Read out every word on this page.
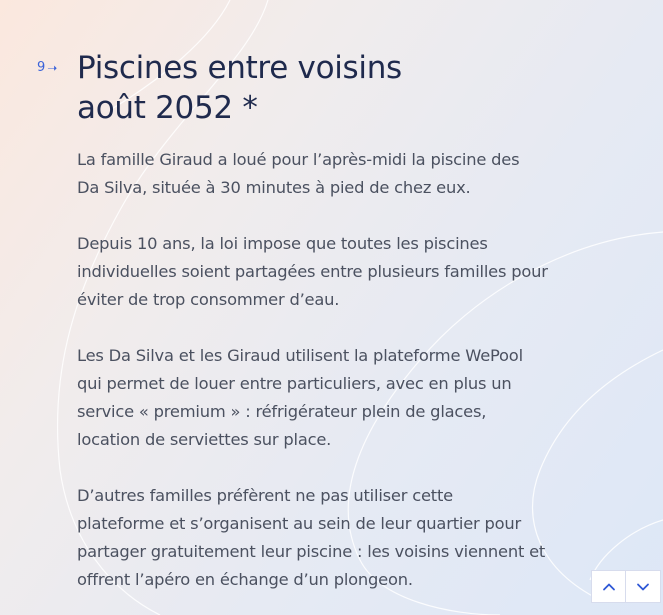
9 ➝ Piscines entre voisins
août 2052 *
La famille Giraud a loué pour l’après-midi la piscine des
Da Silva, située à 30 minutes à pied de chez eux.
Depuis 10 ans, la loi impose que toutes les piscines
individuelles soient partagées entre plusieurs familles pour
éviter de trop consommer d’eau.
Les Da Silva et les Giraud utilisent la plateforme WePool
qui permet de louer entre particuliers, avec en plus un
service « premium » : réfrigérateur plein de glaces,
location de serviettes sur place.
D’autres familles préfèrent ne pas utiliser cette
plateforme et s’organisent au sein de leur quartier pour
partager gratuitement leur piscine : les voisins viennent et
offrent l’apéro en échange d’un plongeon.
